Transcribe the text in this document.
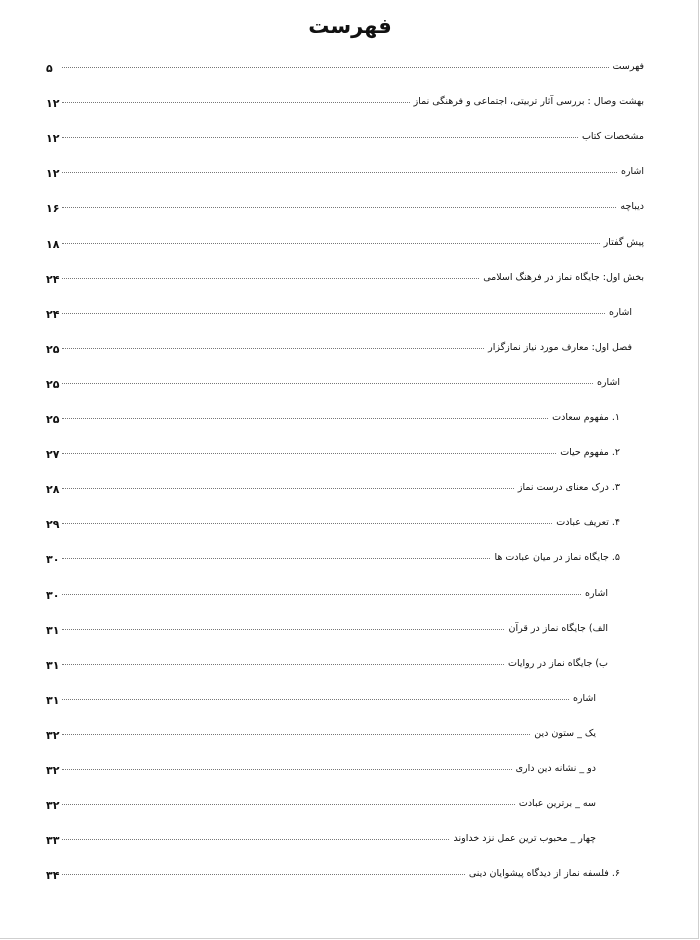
فهرست
۵	فهرست
۱۲	بهشت وصال : بررسی آثار تربیتی، اجتماعی و فرهنگی نماز
۱۲	مشخصات کتاب
۱۲	اشاره
۱۶	دیباچه
۱۸	پیش گفتار
۲۴	بخش اول: جایگاه نماز در فرهنگ اسلامی
۲۴	اشاره
۲۵	فصل اول: معارف مورد نیاز نمازگزار
۲۵	اشاره
۲۵	۱. مفهوم سعادت
۲۷	۲. مفهوم حیات
۲۸	۳. درک معنای درست نماز
۲۹	۴. تعریف عبادت
۳۰	۵. جایگاه نماز در میان عبادت ها
۳۰	اشاره
۳۱	الف) جایگاه نماز در قرآن
۳۱	ب) جایگاه نماز در روایات
۳۱	اشاره
۳۲	یک _ ستون دین
۳۲	دو _ نشانه دین داری
۳۲	سه _ برترین عبادت
۳۳	چهار _ محبوب ترین عمل نزد خداوند
۳۴	۶. فلسفه نماز از دیدگاه پیشوایان دینی
